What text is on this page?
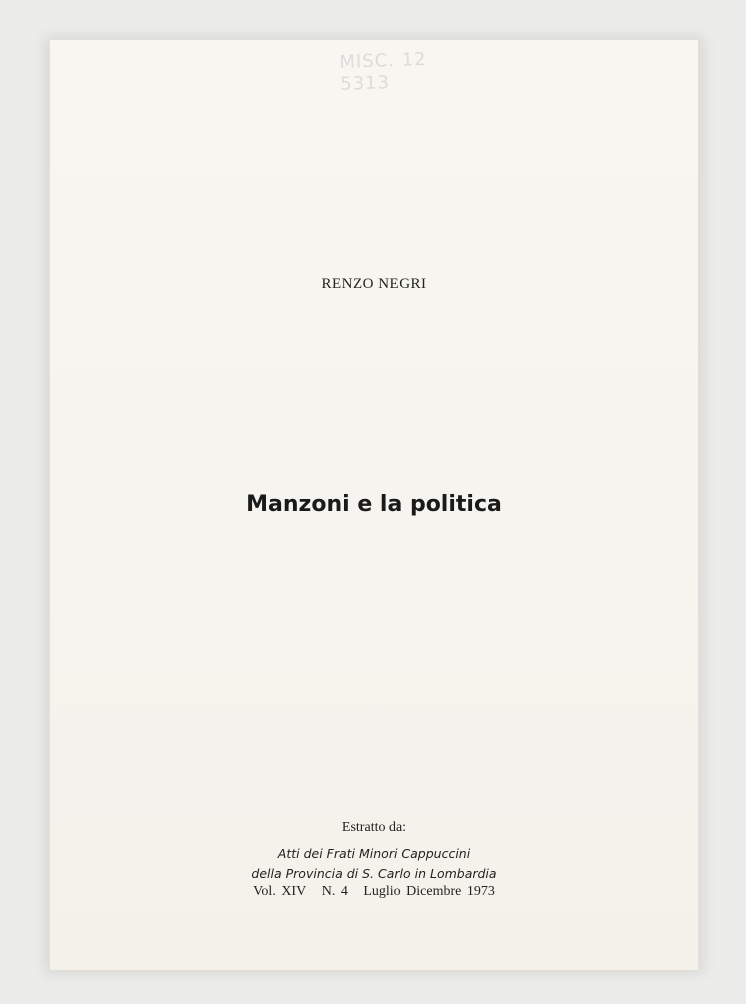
MISC. 12
5313
RENZO NEGRI
Manzoni e la politica
Estratto da:
Atti dei Frati Minori Cappuccini
della Provincia di S. Carlo in Lombardia
Vol. XIV N. 4 Luglio Dicembre 1973
